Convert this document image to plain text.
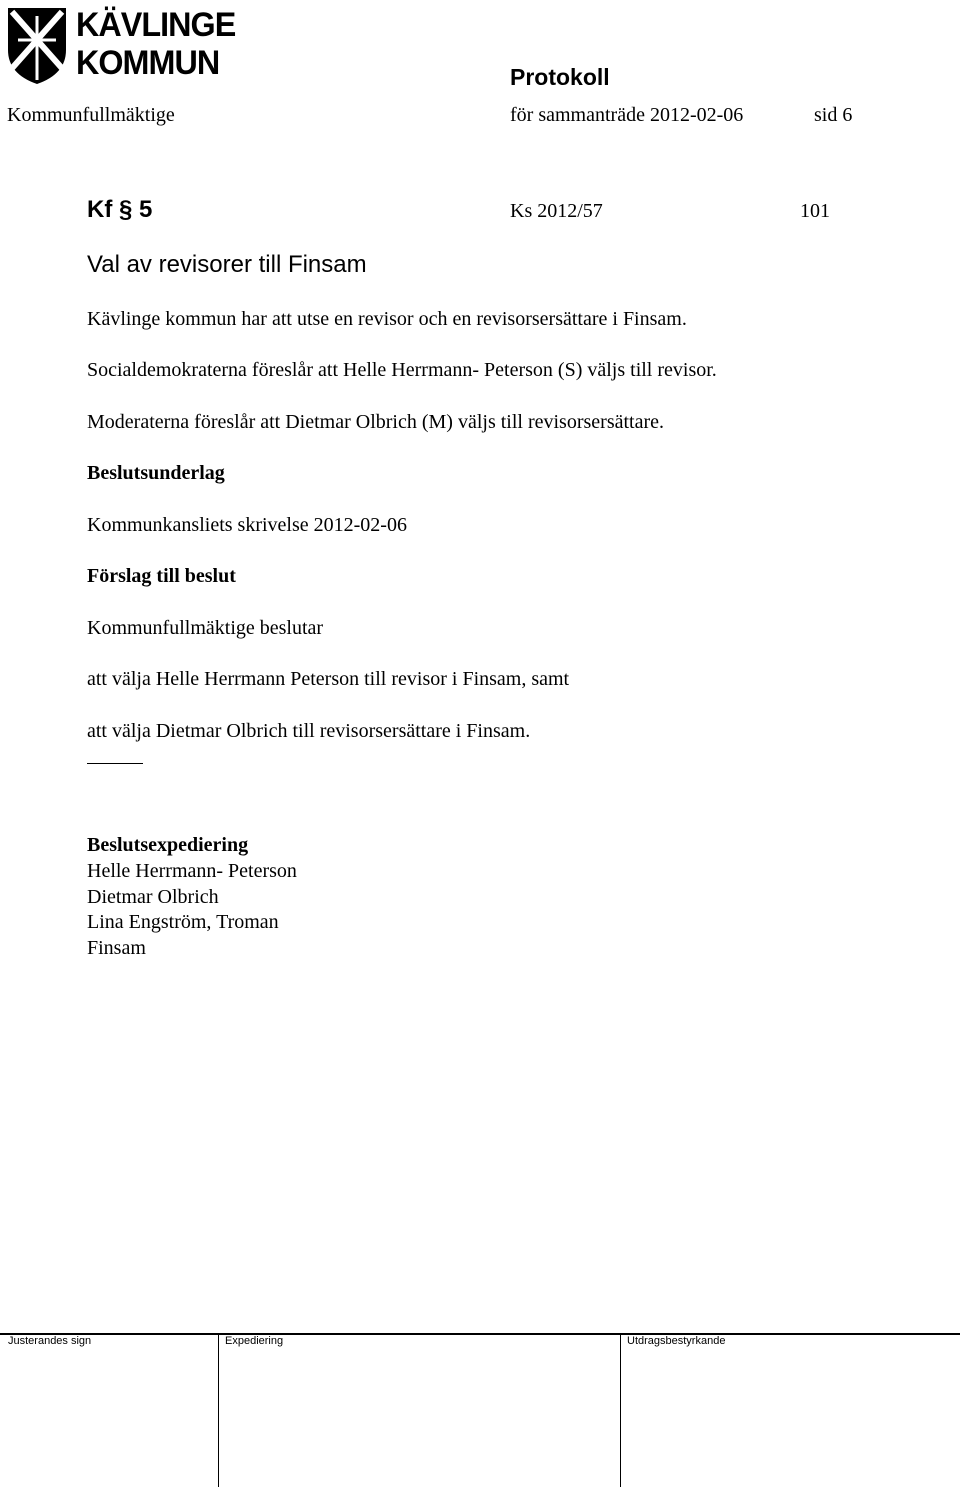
KÄVLINGE
KOMMUN	Protokoll
Kommunfullmäktige	för sammanträde 2012-02-06	sid 6
Kf § 5	Ks 2012/57	101
Val av revisorer till Finsam
Kävlinge kommun har att utse en revisor och en revisorsersättare i Finsam.
Socialdemokraterna föreslår att Helle Herrmann- Peterson (S) väljs till revisor.
Moderaterna föreslår att Dietmar Olbrich (M) väljs till revisorsersättare.
Beslutsunderlag
Kommunkansliets skrivelse 2012-02-06
Förslag till beslut
Kommunfullmäktige beslutar
att välja Helle Herrmann Peterson till revisor i Finsam, samt
att välja Dietmar Olbrich till revisorsersättare i Finsam.
Beslutsexpediering
Helle Herrmann- Peterson
Dietmar Olbrich
Lina Engström, Troman
Finsam
Justerandes sign	Expediering	Utdragsbestyrkande
